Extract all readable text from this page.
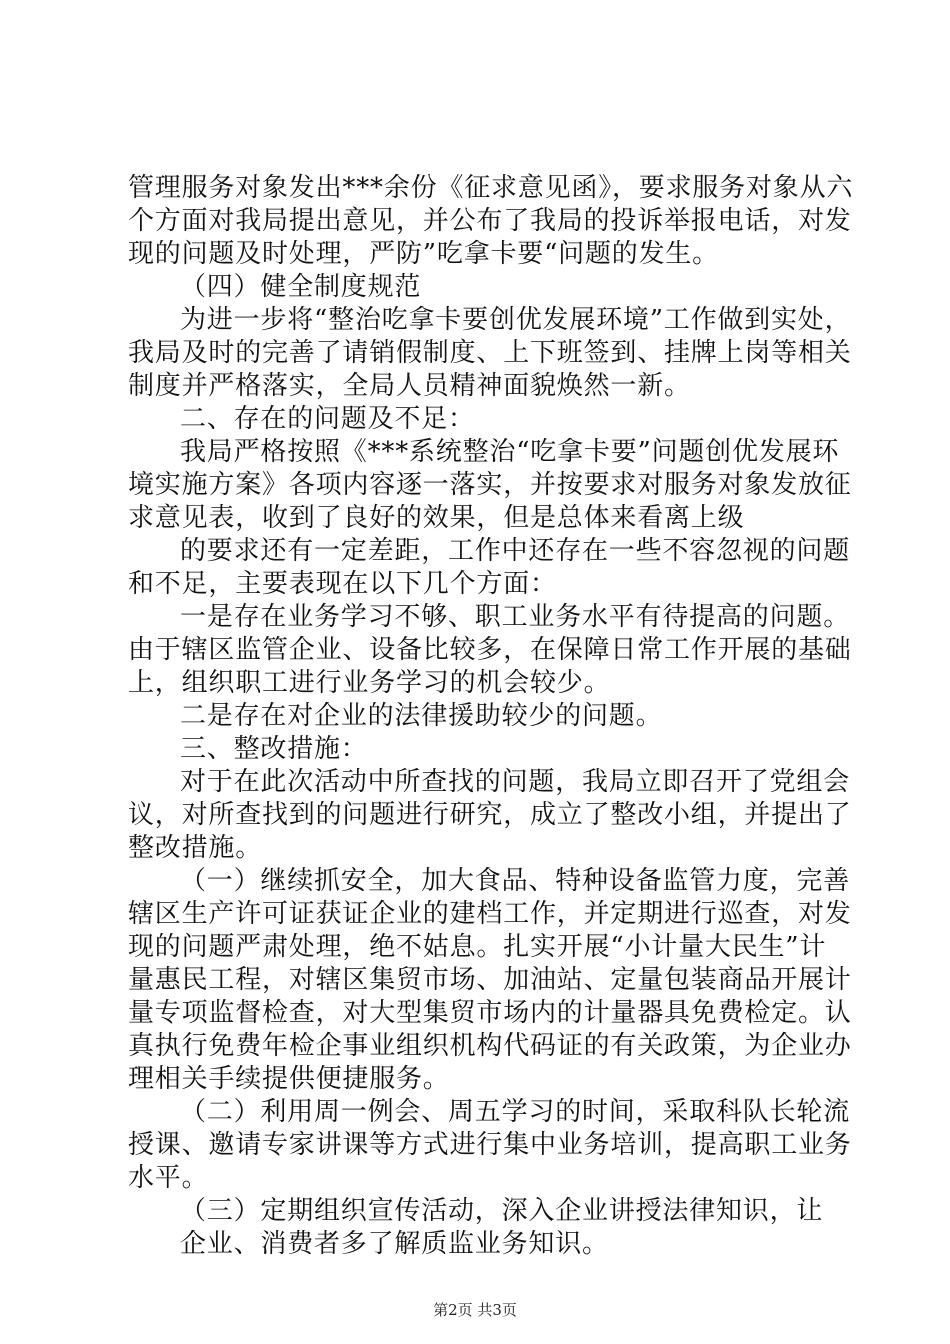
管理服务对象发出***余份《征求意见函》，要求服务对象从六
个方面对我局提出意见，并公布了我局的投诉举报电话，对发
现的问题及时处理，严防”吃拿卡要“问题的发生。
（四）健全制度规范
为进一步将“整治吃拿卡要创优发展环境”工作做到实处，
我局及时的完善了请销假制度、上下班签到、挂牌上岗等相关
制度并严格落实，全局人员精神面貌焕然一新。
二、存在的问题及不足：
我局严格按照《***系统整治“吃拿卡要”问题创优发展环
境实施方案》各项内容逐一落实，并按要求对服务对象发放征
求意见表，收到了良好的效果，但是总体来看离上级
的要求还有一定差距，工作中还存在一些不容忽视的问题
和不足，主要表现在以下几个方面：
一是存在业务学习不够、职工业务水平有待提高的问题。
由于辖区监管企业、设备比较多，在保障日常工作开展的基础
上，组织职工进行业务学习的机会较少。
二是存在对企业的法律援助较少的问题。
三、整改措施：
对于在此次活动中所查找的问题，我局立即召开了党组会
议，对所查找到的问题进行研究，成立了整改小组，并提出了
整改措施。
（一）继续抓安全，加大食品、特种设备监管力度，完善
辖区生产许可证获证企业的建档工作，并定期进行巡查，对发
现的问题严肃处理，绝不姑息。扎实开展“小计量大民生”计
量惠民工程，对辖区集贸市场、加油站、定量包装商品开展计
量专项监督检查，对大型集贸市场内的计量器具免费检定。认
真执行免费年检企事业组织机构代码证的有关政策，为企业办
理相关手续提供便捷服务。
（二）利用周一例会、周五学习的时间，采取科队长轮流
授课、邀请专家讲课等方式进行集中业务培训，提高职工业务
水平。
（三）定期组织宣传活动，深入企业讲授法律知识，让
企业、消费者多了解质监业务知识。
第2页 共3页
